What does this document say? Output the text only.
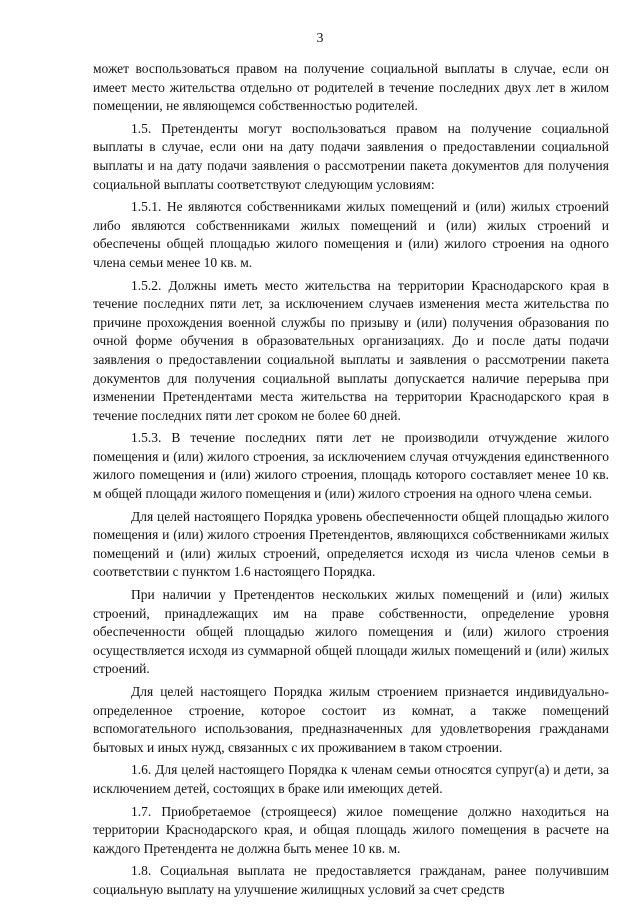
3

может воспользоваться правом на получение социальной выплаты в случае, если он имеет место жительства отдельно от родителей в течение последних двух лет в жилом помещении, не являющемся собственностью родителей.

1.5. Претенденты могут воспользоваться правом на получение социальной выплаты в случае, если они на дату подачи заявления о предоставлении социальной выплаты и на дату подачи заявления о рассмотрении пакета документов для получения социальной выплаты соответствуют следующим условиям:

1.5.1. Не являются собственниками жилых помещений и (или) жилых строений либо являются собственниками жилых помещений и (или) жилых строений и обеспечены общей площадью жилого помещения и (или) жилого строения на одного члена семьи менее 10 кв. м.

1.5.2. Должны иметь место жительства на территории Краснодарского края в течение последних пяти лет, за исключением случаев изменения места жительства по причине прохождения военной службы по призыву и (или) получения образования по очной форме обучения в образовательных организациях. До и после даты подачи заявления о предоставлении социальной выплаты и заявления о рассмотрении пакета документов для получения социальной выплаты допускается наличие перерыва при изменении Претендентами места жительства на территории Краснодарского края в течение последних пяти лет сроком не более 60 дней.

1.5.3. В течение последних пяти лет не производили отчуждение жилого помещения и (или) жилого строения, за исключением случая отчуждения единственного жилого помещения и (или) жилого строения, площадь которого составляет менее 10 кв. м общей площади жилого помещения и (или) жилого строения на одного члена семьи.

Для целей настоящего Порядка уровень обеспеченности общей площадью жилого помещения и (или) жилого строения Претендентов, являющихся собственниками жилых помещений и (или) жилых строений, определяется исходя из числа членов семьи в соответствии с пунктом 1.6 настоящего Порядка.

При наличии у Претендентов нескольких жилых помещений и (или) жилых строений, принадлежащих им на праве собственности, определение уровня обеспеченности общей площадью жилого помещения и (или) жилого строения осуществляется исходя из суммарной общей площади жилых помещений и (или) жилых строений.

Для целей настоящего Порядка жилым строением признается индивидуально-определенное строение, которое состоит из комнат, а также помещений вспомогательного использования, предназначенных для удовлетворения гражданами бытовых и иных нужд, связанных с их проживанием в таком строении.

1.6. Для целей настоящего Порядка к членам семьи относятся супруг(а) и дети, за исключением детей, состоящих в браке или имеющих детей.

1.7. Приобретаемое (строящееся) жилое помещение должно находиться на территории Краснодарского края, и общая площадь жилого помещения в расчете на каждого Претендента не должна быть менее 10 кв. м.

1.8. Социальная выплата не предоставляется гражданам, ранее получившим социальную выплату на улучшение жилищных условий за счет средств
